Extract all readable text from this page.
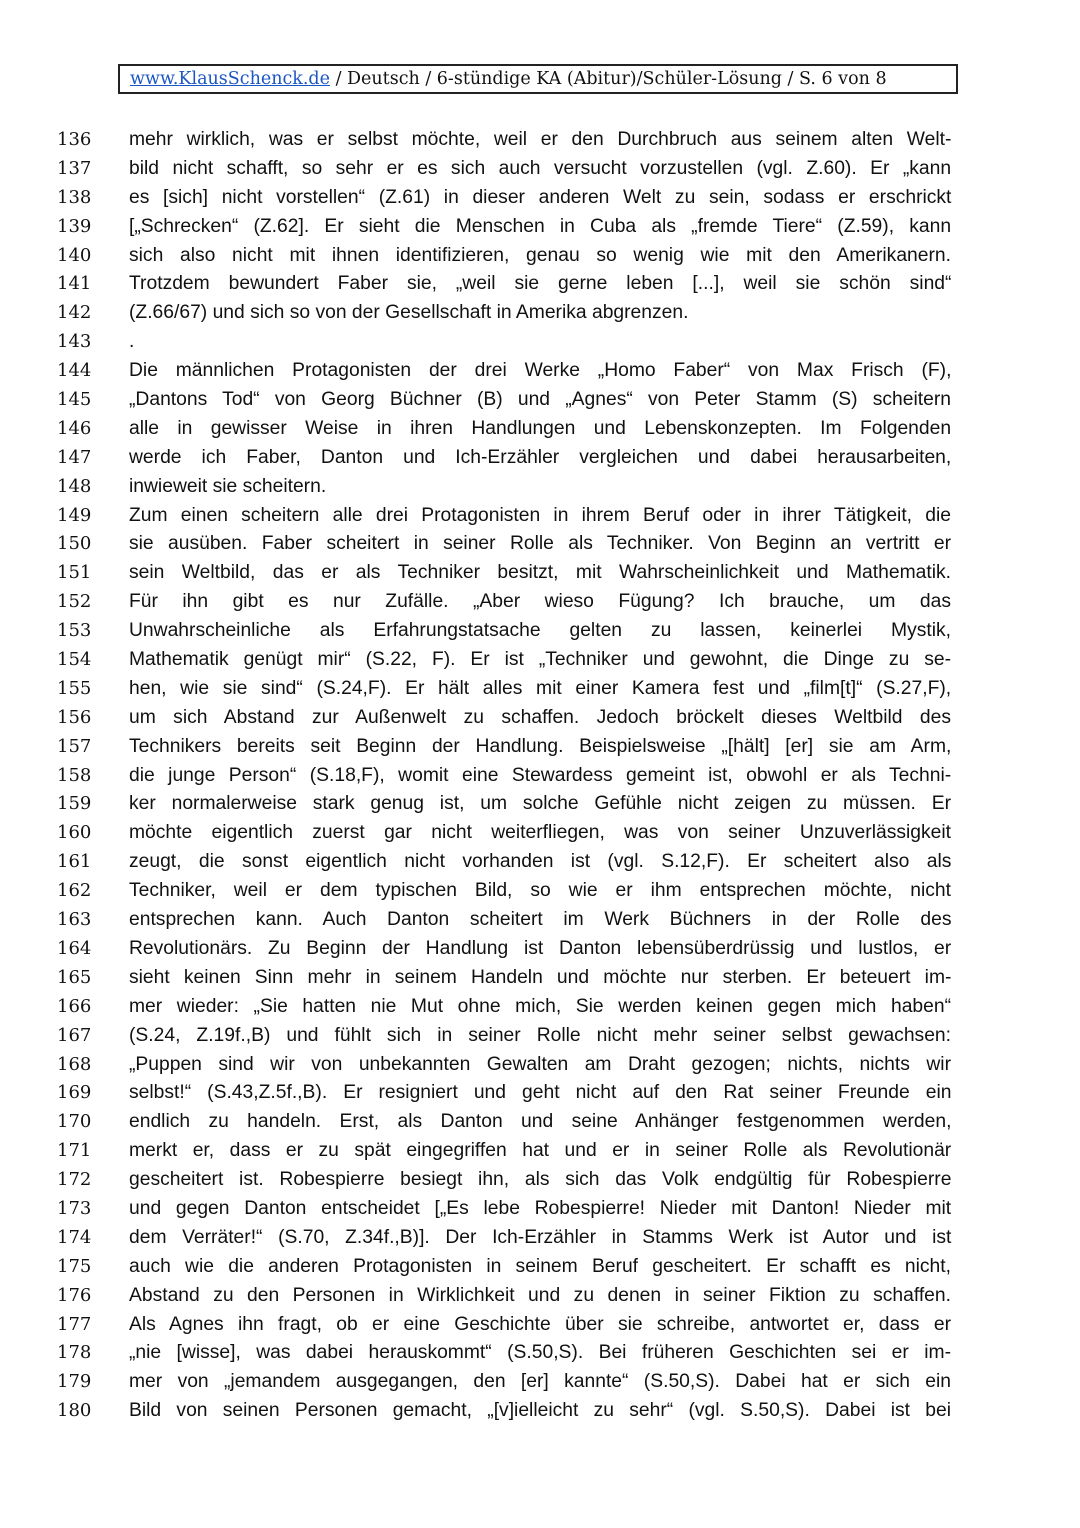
www.KlausSchenck.de / Deutsch / 6-stündige KA (Abitur)/Schüler-Lösung / S. 6 von 8
136 mehr wirklich, was er selbst möchte, weil er den Durchbruch aus seinem alten Welt-
137 bild nicht schafft, so sehr er es sich auch versucht vorzustellen (vgl. Z.60). Er „kann
138 es [sich] nicht vorstellen“ (Z.61) in dieser anderen Welt zu sein, sodass er erschrickt
139 [„Schrecken“ (Z.62]. Er sieht die Menschen in Cuba als „fremde Tiere“ (Z.59), kann
140 sich also nicht mit ihnen identifizieren, genau so wenig wie mit den Amerikanern.
141 Trotzdem bewundert Faber sie, „weil sie gerne leben [...], weil sie schön sind“
142 (Z.66/67) und sich so von der Gesellschaft in Amerika abgrenzen.
143 .
144 Die männlichen Protagonisten der drei Werke „Homo Faber“ von Max Frisch (F),
145 „Dantons Tod“ von Georg Büchner (B) und „Agnes“ von Peter Stamm (S) scheitern
146 alle in gewisser Weise in ihren Handlungen und Lebenskonzepten. Im Folgenden
147 werde ich Faber, Danton und Ich-Erzähler vergleichen und dabei herausarbeiten,
148 inwieweit sie scheitern.
149 Zum einen scheitern alle drei Protagonisten in ihrem Beruf oder in ihrer Tätigkeit, die
150 sie ausüben. Faber scheitert in seiner Rolle als Techniker. Von Beginn an vertritt er
151 sein Weltbild, das er als Techniker besitzt, mit Wahrscheinlichkeit und Mathematik.
152 Für ihn gibt es nur Zufälle. „Aber wieso Fügung? Ich brauche, um das
153 Unwahrscheinliche als Erfahrungstatsache gelten zu lassen, keinerlei Mystik,
154 Mathematik genügt mir“ (S.22, F). Er ist „Techniker und gewohnt, die Dinge zu se-
155 hen, wie sie sind“ (S.24,F). Er hält alles mit einer Kamera fest und „film[t]“ (S.27,F),
156 um sich Abstand zur Außenwelt zu schaffen. Jedoch bröckelt dieses Weltbild des
157 Technikers bereits seit Beginn der Handlung. Beispielsweise „[hält] [er] sie am Arm,
158 die junge Person“ (S.18,F), womit eine Stewardess gemeint ist, obwohl er als Techni-
159 ker normalerweise stark genug ist, um solche Gefühle nicht zeigen zu müssen. Er
160 möchte eigentlich zuerst gar nicht weiterfliegen, was von seiner Unzuverlässigkeit
161 zeugt, die sonst eigentlich nicht vorhanden ist (vgl. S.12,F). Er scheitert also als
162 Techniker, weil er dem typischen Bild, so wie er ihm entsprechen möchte, nicht
163 entsprechen kann. Auch Danton scheitert im Werk Büchners in der Rolle des
164 Revolutionärs. Zu Beginn der Handlung ist Danton lebensüberdrüssig und lustlos, er
165 sieht keinen Sinn mehr in seinem Handeln und möchte nur sterben. Er beteuert im-
166 mer wieder: „Sie hatten nie Mut ohne mich, Sie werden keinen gegen mich haben“
167 (S.24, Z.19f.,B) und fühlt sich in seiner Rolle nicht mehr seiner selbst gewachsen:
168 „Puppen sind wir von unbekannten Gewalten am Draht gezogen; nichts, nichts wir
169 selbst!“ (S.43,Z.5f.,B). Er resigniert und geht nicht auf den Rat seiner Freunde ein
170 endlich zu handeln. Erst, als Danton und seine Anhänger festgenommen werden,
171 merkt er, dass er zu spät eingegriffen hat und er in seiner Rolle als Revolutionär
172 gescheitert ist. Robespierre besiegt ihn, als sich das Volk endgültig für Robespierre
173 und gegen Danton entscheidet [„Es lebe Robespierre! Nieder mit Danton! Nieder mit
174 dem Verräter!“ (S.70, Z.34f.,B)]. Der Ich-Erzähler in Stamms Werk ist Autor und ist
175 auch wie die anderen Protagonisten in seinem Beruf gescheitert. Er schafft es nicht,
176 Abstand zu den Personen in Wirklichkeit und zu denen in seiner Fiktion zu schaffen.
177 Als Agnes ihn fragt, ob er eine Geschichte über sie schreibe, antwortet er, dass er
178 „nie [wisse], was dabei herauskommt“ (S.50,S). Bei früheren Geschichten sei er im-
179 mer von „jemandem ausgegangen, den [er] kannte“ (S.50,S). Dabei hat er sich ein
180 Bild von seinen Personen gemacht, „[v]ielleicht zu sehr“ (vgl. S.50,S). Dabei ist bei
